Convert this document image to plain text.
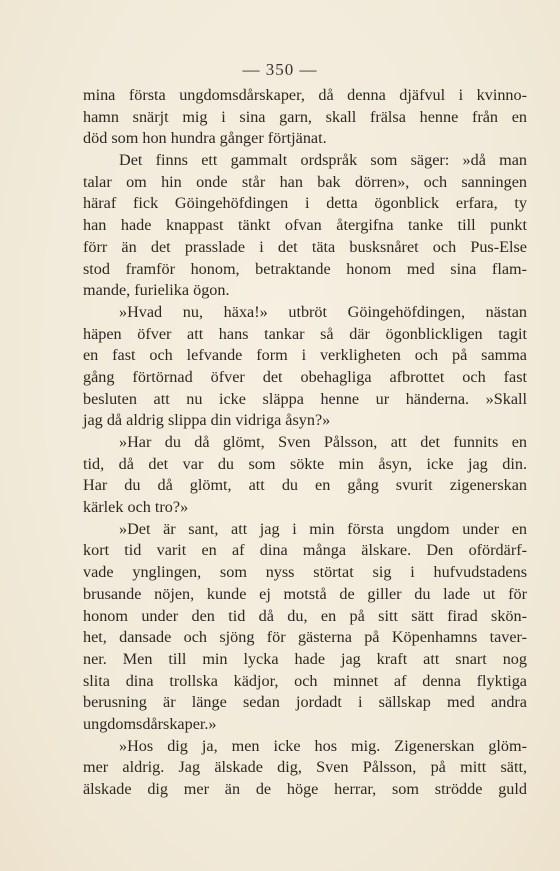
— 350 —
mina första ungdomsdårskaper, då denna djäfvul i kvinno-
hamn snärjt mig i sina garn, skall frälsa henne från en
död som hon hundra gånger förtjänat.
Det finns ett gammalt ordspråk som säger: »då man
talar om hin onde står han bak dörren», och sanningen
häraf fick Göingehöfdingen i detta ögonblick erfara, ty
han hade knappast tänkt ofvan återgifna tanke till punkt
förr än det prasslade i det täta busksnåret och Pus-Else
stod framför honom, betraktande honom med sina flam-
mande, furielika ögon.
»Hvad nu, häxa!» utbröt Göingehöfdingen, nästan
häpen öfver att hans tankar så där ögonblickligen tagit
en fast och lefvande form i verkligheten och på samma
gång förtörnad öfver det obehagliga afbrottet och fast
besluten att nu icke släppa henne ur händerna. »Skall
jag då aldrig slippa din vidriga åsyn?»
»Har du då glömt, Sven Pålsson, att det funnits en
tid, då det var du som sökte min åsyn, icke jag din.
Har du då glömt, att du en gång svurit zigenerskan
kärlek och tro?»
»Det är sant, att jag i min första ungdom under en
kort tid varit en af dina många älskare. Den ofördärf-
vade ynglingen, som nyss störtat sig i hufvudstadens
brusande nöjen, kunde ej motstå de giller du lade ut för
honom under den tid då du, en på sitt sätt firad skön-
het, dansade och sjöng för gästerna på Köpenhamns taver-
ner. Men till min lycka hade jag kraft att snart nog
slita dina trollska kädjor, och minnet af denna flyktiga
berusning är länge sedan jordadt i sällskap med andra
ungdomsdårskaper.»
»Hos dig ja, men icke hos mig. Zigenerskan glöm-
mer aldrig. Jag älskade dig, Sven Pålsson, på mitt sätt,
älskade dig mer än de höge herrar, som strödde guld
